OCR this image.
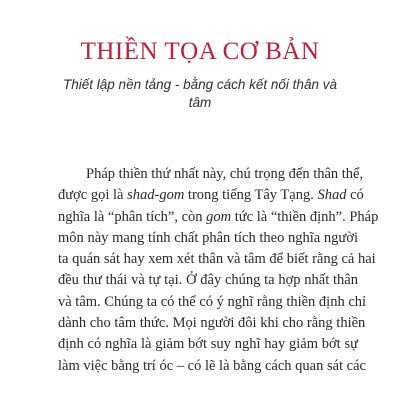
THIỀN TỌA CƠ BẢN

Thiết lập nền tảng - bằng cách kết nối thân và tâm

Pháp thiền thứ nhất này, chú trọng đến thân thể,
được gọi là shad-gom trong tiếng Tây Tạng. Shad có
nghĩa là “phân tích”, còn gom tức là “thiền định”. Pháp
môn này mang tính chất phân tích theo nghĩa người
ta quán sát hay xem xét thân và tâm để biết rằng cả hai
đều thư thái và tự tại. Ở đây chúng ta hợp nhất thân
và tâm. Chúng ta có thể có ý nghĩ rằng thiền định chỉ
dành cho tâm thức. Mọi người đôi khi cho rằng thiền
định có nghĩa là giảm bớt suy nghĩ hay giảm bớt sự
làm việc bằng trí óc – có lẽ là bằng cách quan sát các
